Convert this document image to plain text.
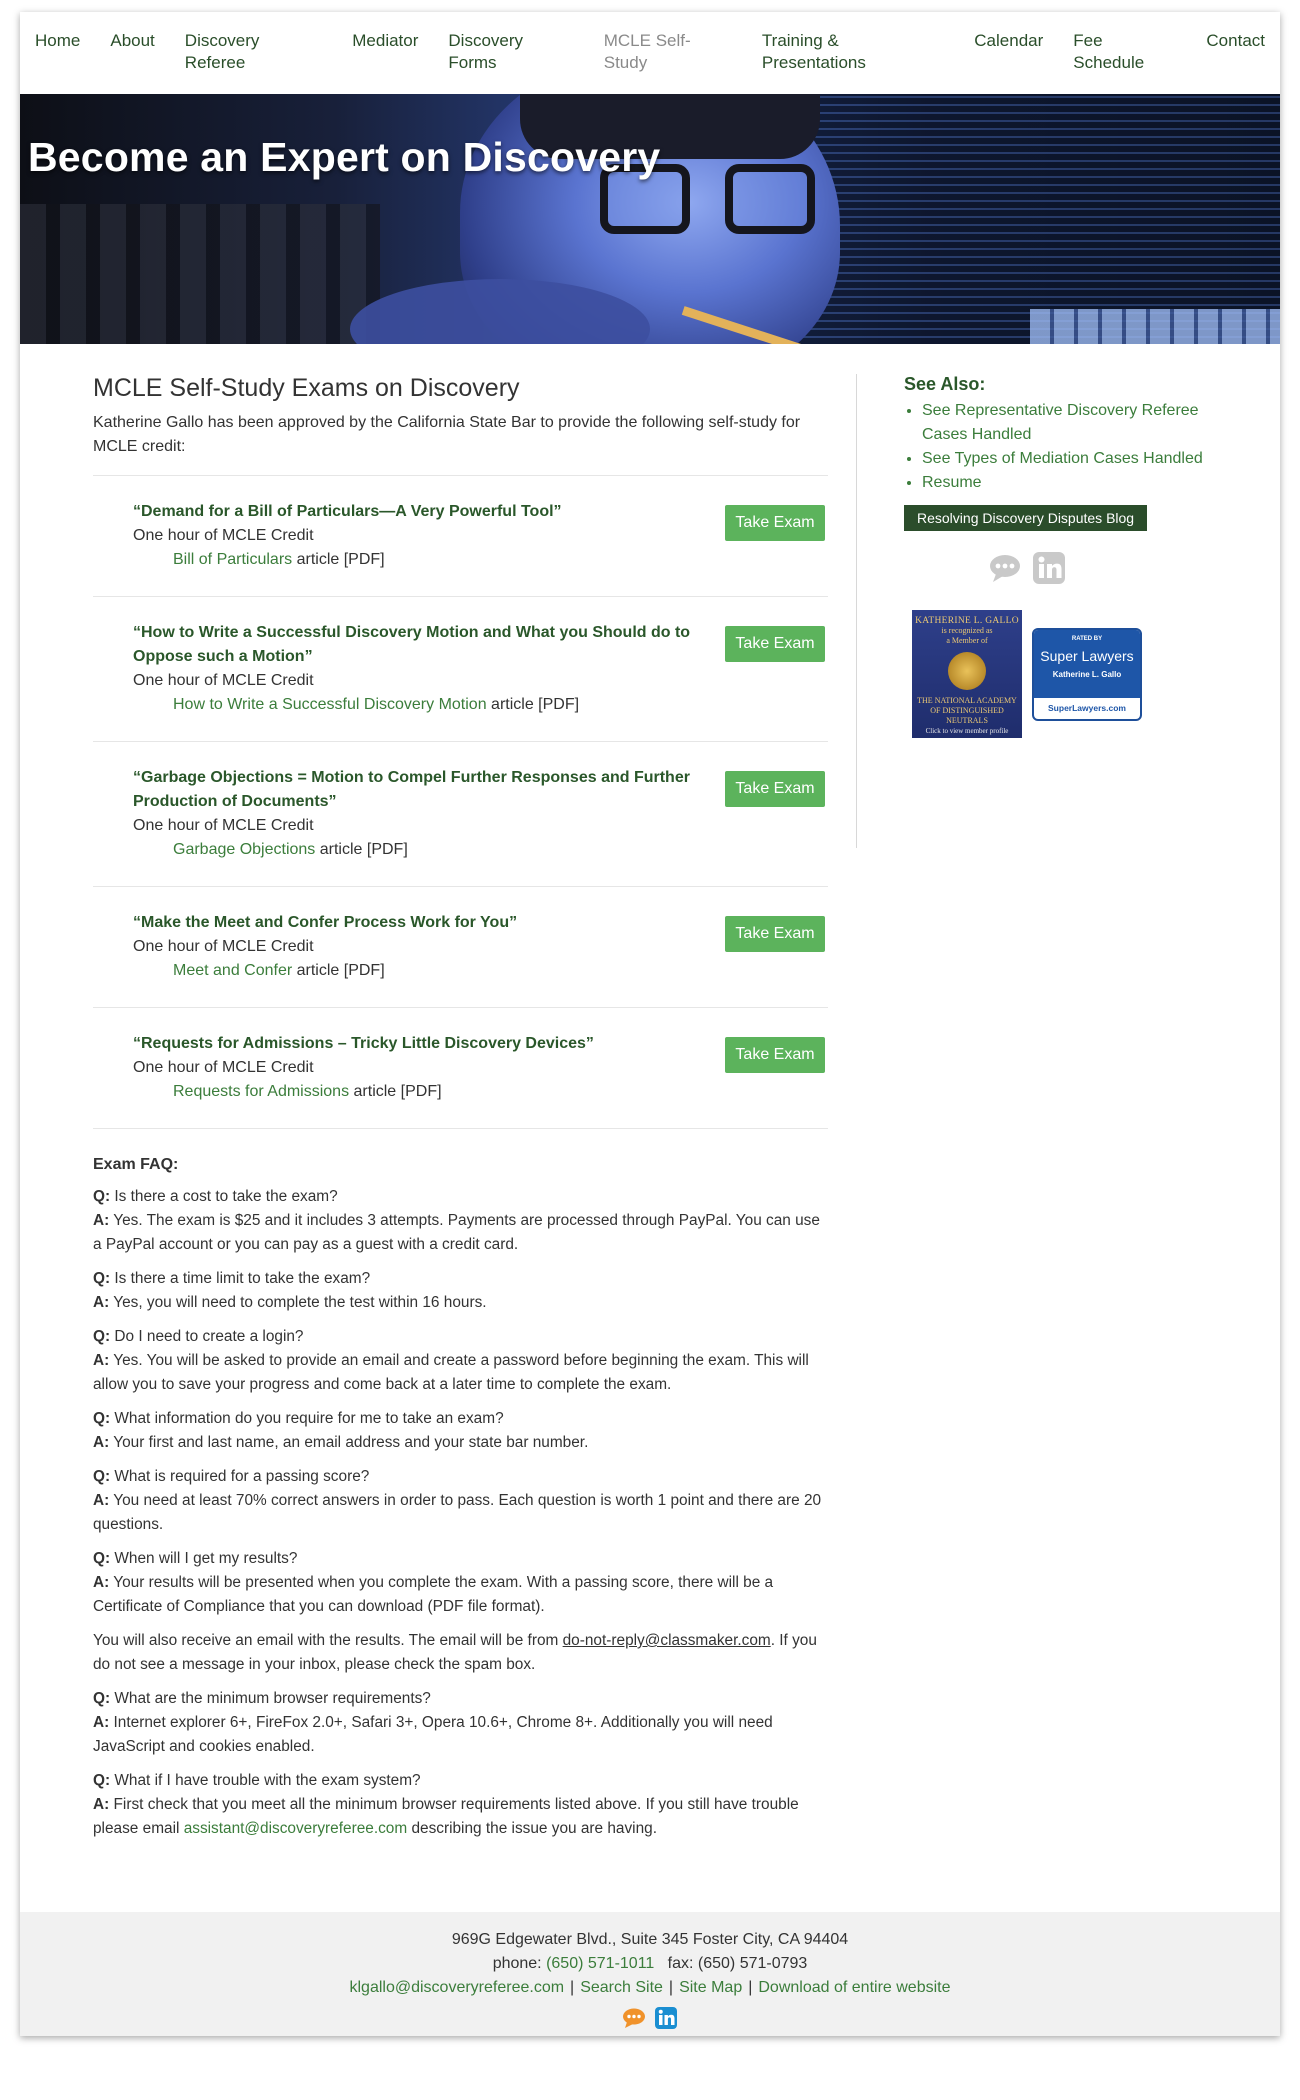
Home	About	Discovery Referee
Mediator	Discovery Forms
MCLE Self-Study
Training & Presentations
Calendar	Fee Schedule
Contact
Become an Expert on Discovery
MCLE Self-Study Exams on Discovery

Katherine Gallo has been approved by the California State Bar to provide the following self-study for MCLE credit:

“Demand for a Bill of Particulars—A Very Powerful Tool”
One hour of MCLE Credit
Bill of Particulars article [PDF]
Take Exam
“How to Write a Successful Discovery Motion and What you Should do to Oppose such a Motion”
One hour of MCLE Credit
How to Write a Successful Discovery Motion article [PDF]
Take Exam
“Garbage Objections = Motion to Compel Further Responses and Further Production of Documents”
One hour of MCLE Credit
Garbage Objections article [PDF]
Take Exam
“Make the Meet and Confer Process Work for You”
One hour of MCLE Credit
Meet and Confer article [PDF]
Take Exam
“Requests for Admissions – Tricky Little Discovery Devices”
One hour of MCLE Credit
Requests for Admissions article [PDF]
Take Exam
Exam FAQ:

Q: Is there a cost to take the exam?
A: Yes. The exam is $25 and it includes 3 attempts. Payments are processed through PayPal. You can use a PayPal account or you can pay as a guest with a credit card.

Q: Is there a time limit to take the exam?
A: Yes, you will need to complete the test within 16 hours.

Q: Do I need to create a login?
A: Yes. You will be asked to provide an email and create a password before beginning the exam. This will allow you to save your progress and come back at a later time to complete the exam.

Q: What information do you require for me to take an exam?
A: Your first and last name, an email address and your state bar number.

Q: What is required for a passing score?
A: You need at least 70% correct answers in order to pass. Each question is worth 1 point and there are 20 questions.

Q: When will I get my results?
A: Your results will be presented when you complete the exam. With a passing score, there will be a Certificate of Compliance that you can download (PDF file format).

You will also receive an email with the results. The email will be from do-not-reply@classmaker.com. If you do not see a message in your inbox, please check the spam box.

Q: What are the minimum browser requirements?
A: Internet explorer 6+, FireFox 2.0+, Safari 3+, Opera 10.6+, Chrome 8+. Additionally you will need JavaScript and cookies enabled.

Q: What if I have trouble with the exam system?
A: First check that you meet all the minimum browser requirements listed above. If you still have trouble please email assistant@discoveryreferee.com describing the issue you are having.

See Also:
• See Representative Discovery Referee Cases Handled
• See Types of Mediation Cases Handled
• Resume
Resolving Discovery Disputes Blog
KATHERINE L. GALLO
is recognized as
a Member of
THE NATIONAL ACADEMY OF DISTINGUISHED NEUTRALS
Click to view member profile
RATED BY
Super Lawyers
Katherine L. Gallo
SuperLawyers.com
969G Edgewater Blvd., Suite 345 Foster City, CA 94404
phone: (650) 571-1011 fax: (650) 571-0793
klgallo@discoveryreferee.com | Search Site | Site Map | Download of entire website
